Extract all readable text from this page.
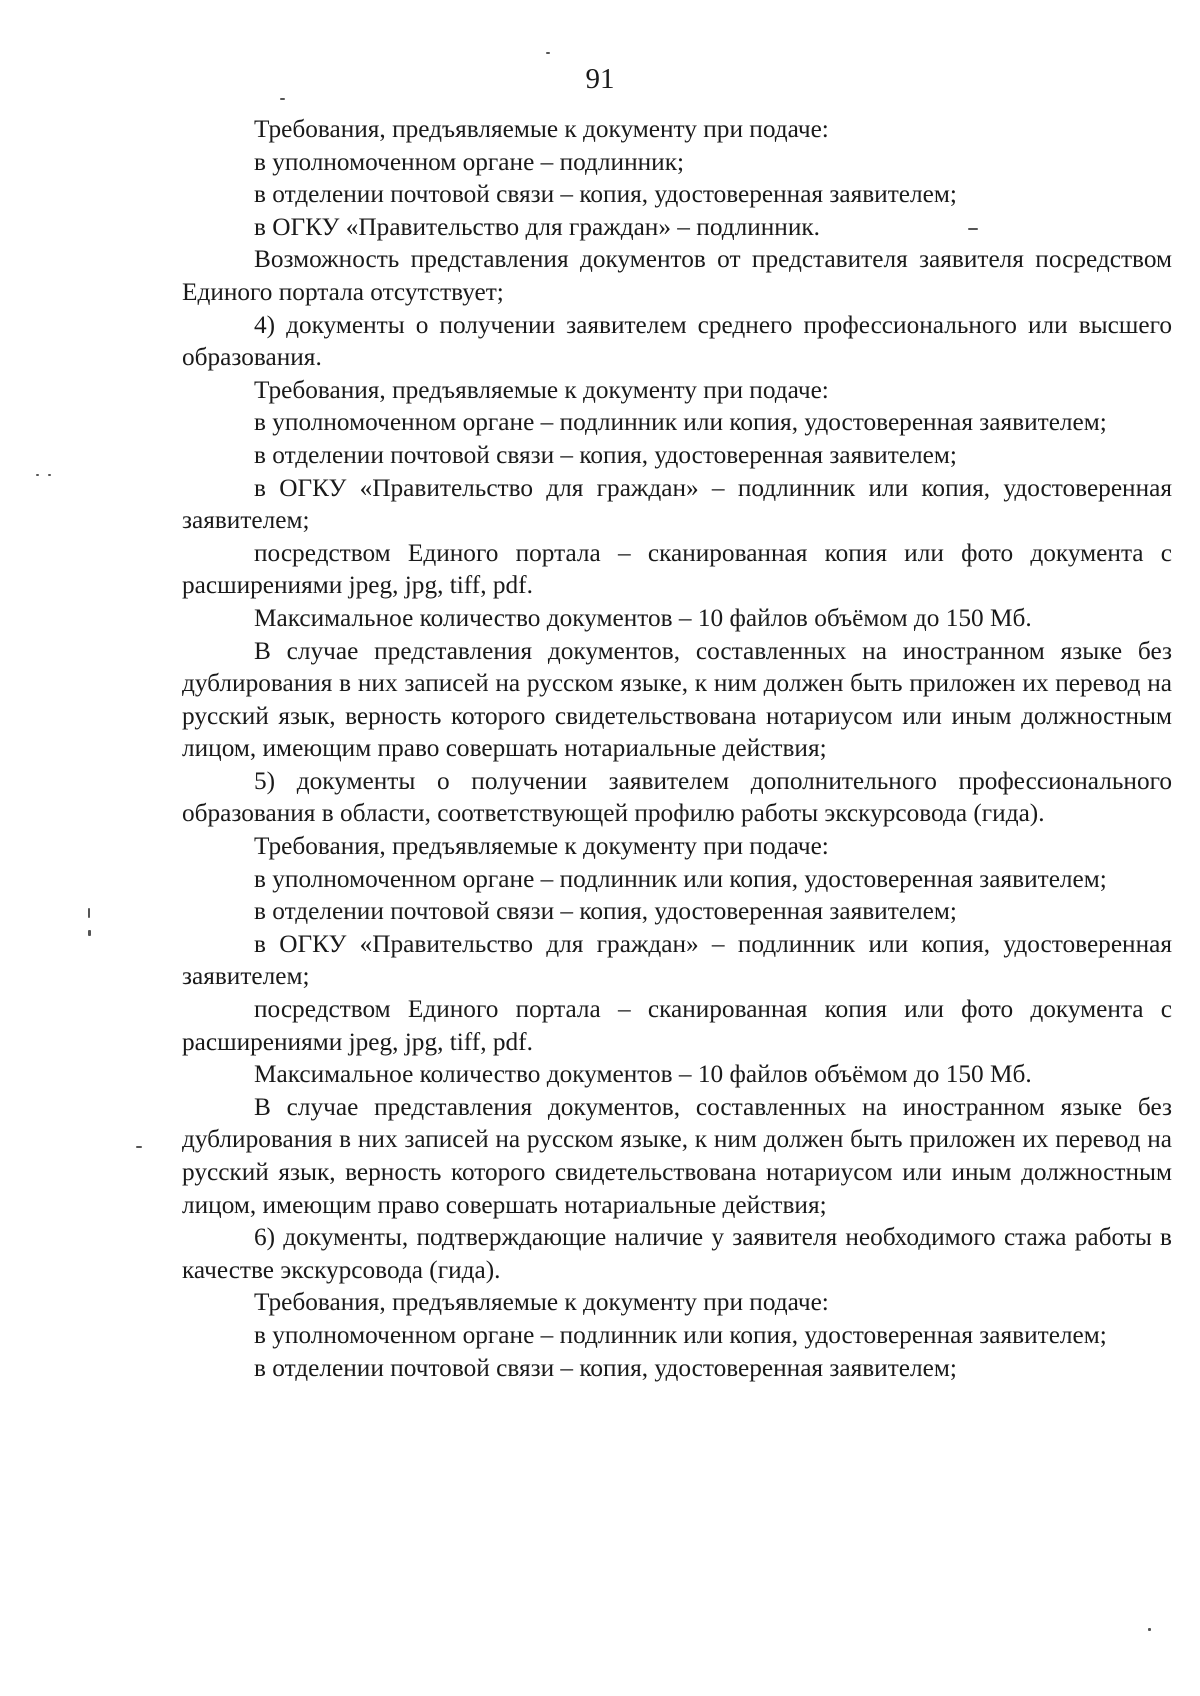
91

Требования, предъявляемые к документу при подаче:

в уполномоченном органе – подлинник;

в отделении почтовой связи – копия, удостоверенная заявителем;

в ОГКУ «Правительство для граждан» – подлинник.

Возможность представления документов от представителя заявителя посредством Единого портала отсутствует;

4) документы о получении заявителем среднего профессионального или высшего образования.

Требования, предъявляемые к документу при подаче:

в уполномоченном органе – подлинник или копия, удостоверенная заявителем;

в отделении почтовой связи – копия, удостоверенная заявителем;

в ОГКУ «Правительство для граждан» – подлинник или копия, удостоверенная заявителем;

посредством Единого портала – сканированная копия или фото документа с расширениями jpeg, jpg, tiff, pdf.

Максимальное количество документов – 10 файлов объёмом до 150 Мб.

В случае представления документов, составленных на иностранном языке без дублирования в них записей на русском языке, к ним должен быть приложен их перевод на русский язык, верность которого свидетельствована нотариусом или иным должностным лицом, имеющим право совершать нотариальные действия;

5) документы о получении заявителем дополнительного профессионального образования в области, соответствующей профилю работы экскурсовода (гида).

Требования, предъявляемые к документу при подаче:

в уполномоченном органе – подлинник или копия, удостоверенная заявителем;

в отделении почтовой связи – копия, удостоверенная заявителем;

в ОГКУ «Правительство для граждан» – подлинник или копия, удостоверенная заявителем;

посредством Единого портала – сканированная копия или фото документа с расширениями jpeg, jpg, tiff, pdf.

Максимальное количество документов – 10 файлов объёмом до 150 Мб.

В случае представления документов, составленных на иностранном языке без дублирования в них записей на русском языке, к ним должен быть приложен их перевод на русский язык, верность которого свидетельствована нотариусом или иным должностным лицом, имеющим право совершать нотариальные действия;

6) документы, подтверждающие наличие у заявителя необходимого стажа работы в качестве экскурсовода (гида).

Требования, предъявляемые к документу при подаче:

в уполномоченном органе – подлинник или копия, удостоверенная заявителем;

в отделении почтовой связи – копия, удостоверенная заявителем;
